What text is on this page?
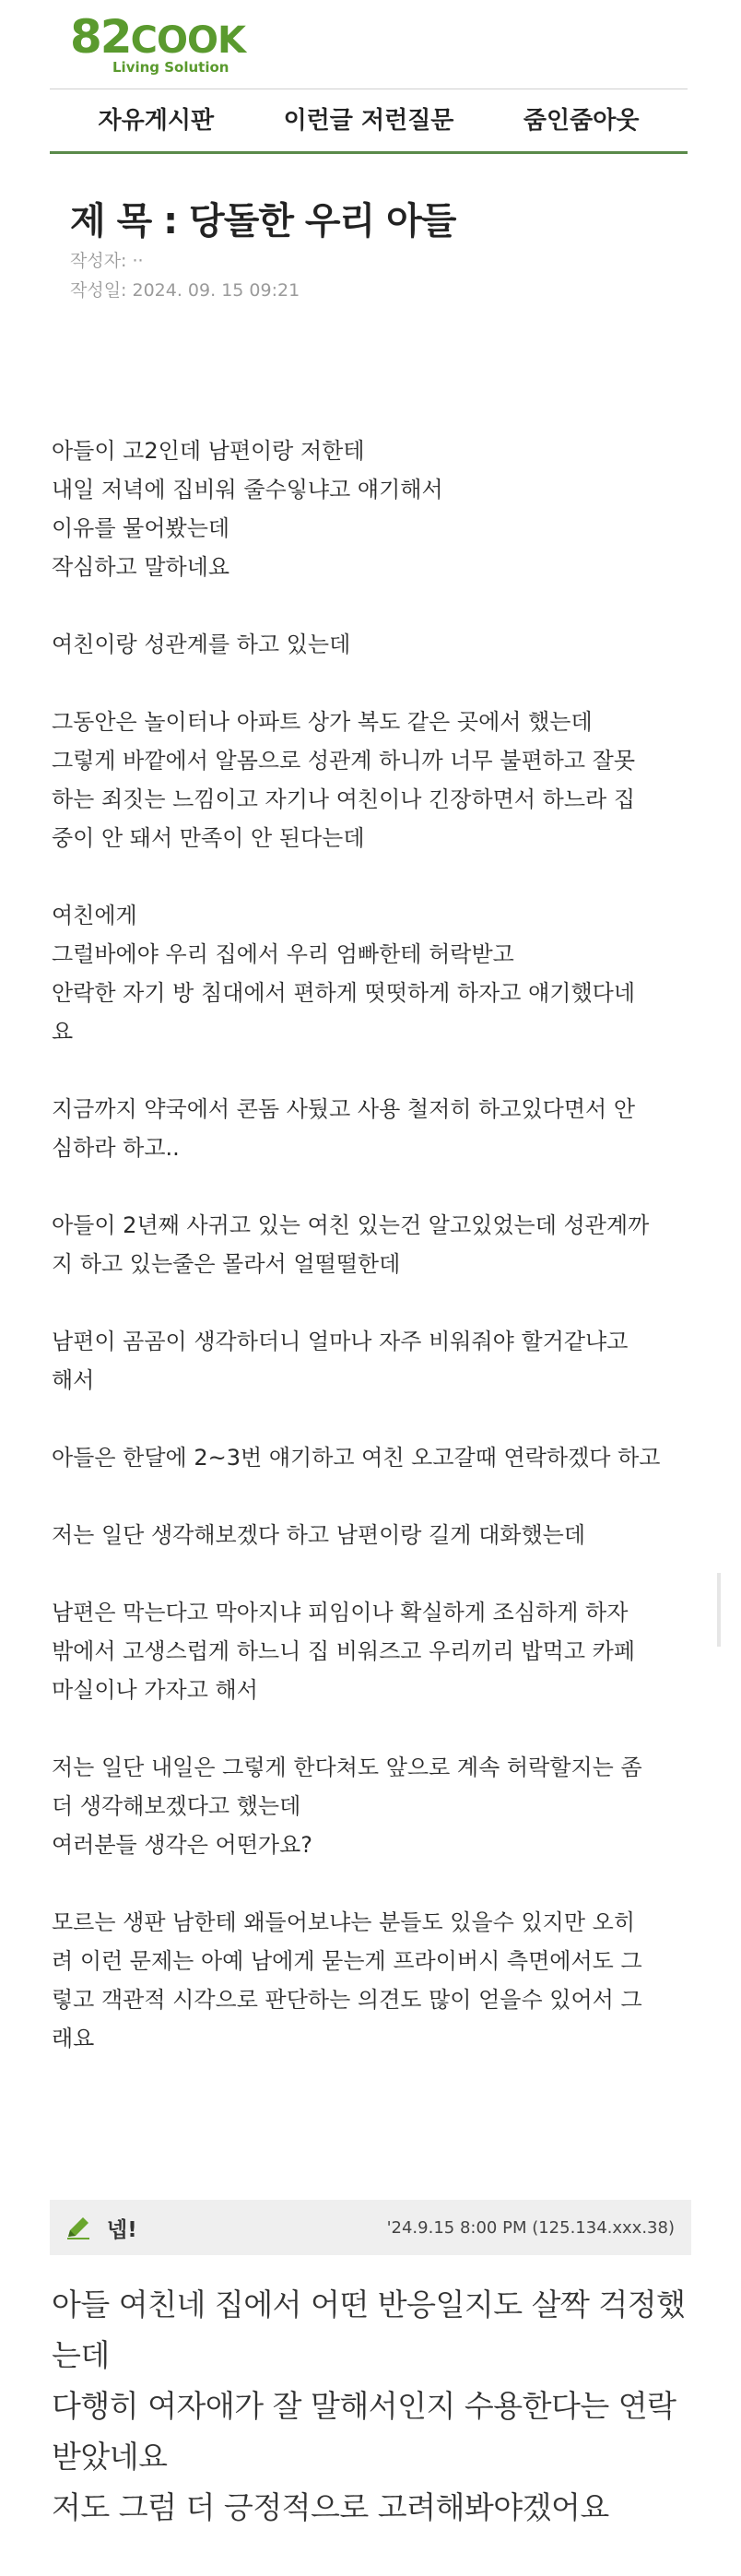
82COOK
Living Solution
자유게시판	이런글 저런질문	줌인줌아웃
제 목 : 당돌한 우리 아들
작성자: ··
작성일: 2024. 09. 15 09:21
아들이 고2인데 남편이랑 저한테
내일 저녁에 집비워 줄수잏냐고 얘기해서
이유를 물어봤는데
작심하고 말하네요
여친이랑 성관계를 하고 있는데
그동안은 놀이터나 아파트 상가 복도 같은 곳에서 했는데
그렇게 바깥에서 알몸으로 성관계 하니까 너무 불편하고 잘못
하는 죄짓는 느낌이고 자기나 여친이나 긴장하면서 하느라 집
중이 안 돼서 만족이 안 된다는데
여친에게
그럴바에야 우리 집에서 우리 엄빠한테 허락받고
안락한 자기 방 침대에서 편하게 떳떳하게 하자고 얘기했다네
요
지금까지 약국에서 콘돔 사뒀고 사용 철저히 하고있다면서 안
심하라 하고..
아들이 2년째 사귀고 있는 여친 있는건 알고있었는데 성관계까
지 하고 있는줄은 몰라서 얼떨떨한데
남편이 곰곰이 생각하더니 얼마나 자주 비워줘야 할거같냐고
해서
아들은 한달에 2~3번 얘기하고 여친 오고갈때 연락하겠다 하고
저는 일단 생각해보겠다 하고 남편이랑 길게 대화했는데
남편은 막는다고 막아지냐 피임이나 확실하게 조심하게 하자
밖에서 고생스럽게 하느니 집 비워즈고 우리끼리 밥먹고 카페
마실이나 가자고 해서
저는 일단 내일은 그렇게 한다쳐도 앞으로 계속 허락할지는 좀
더 생각해보겠다고 했는데
여러분들 생각은 어떤가요?
모르는 생판 남한테 왜들어보냐는 분들도 있을수 있지만 오히
려 이런 문제는 아예 남에게 묻는게 프라이버시 측면에서도 그
렇고 객관적 시각으로 판단하는 의견도 많이 얻을수 있어서 그
래요
넵!	'24.9.15 8:00 PM (125.134.xxx.38)
아들 여친네 집에서 어떤 반응일지도 살짝 걱정했
는데
다행히 여자애가 잘 말해서인지 수용한다는 연락
받았네요
저도 그럼 더 긍정적으로 고려해봐야겠어요
